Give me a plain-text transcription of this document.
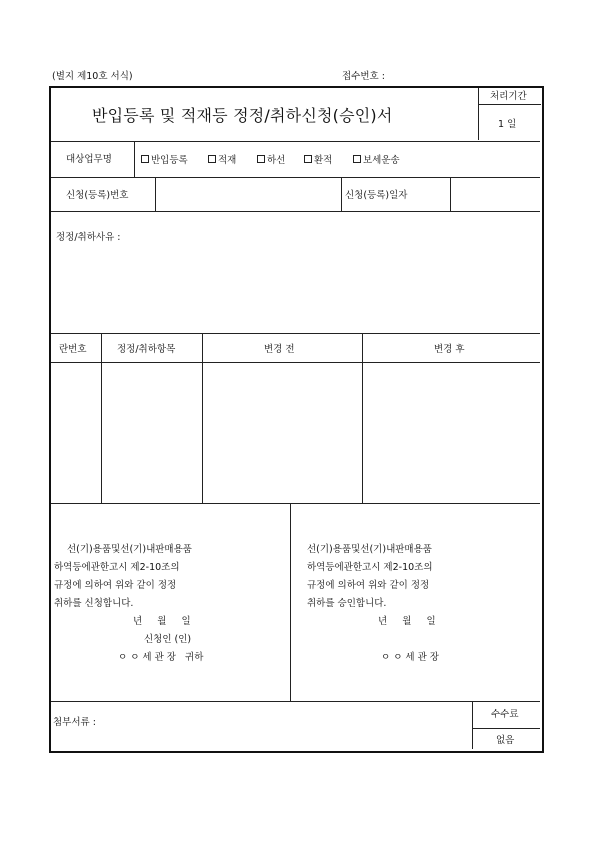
(별지 제10호 서식)	접수번호 :
반입등록 및 적재등 정정/취하신청(승인)서
처리기간
1 일
대상업무명	반입등록	적재	하선	환적	보세운송
신청(등록)번호	신청(등록)일자
정정/취하사유 :
란번호	정정/취하항목	변경 전	변경 후
선(기)용품및선(기)내판매용품
하역등에관한고시 제2-10조의
규정에 의하여 위와 같이 정정
취하를 신청합니다.
년     월     일
신청인 (인)
ㅇ ㅇ 세 관 장   귀하
선(기)용품및선(기)내판매용품
하역등에관한고시 제2-10조의
규정에 의하여 위와 같이 정정
취하를 승인합니다.
년     월     일
ㅇ ㅇ 세 관 장
첨부서류 :
수수료
없음
